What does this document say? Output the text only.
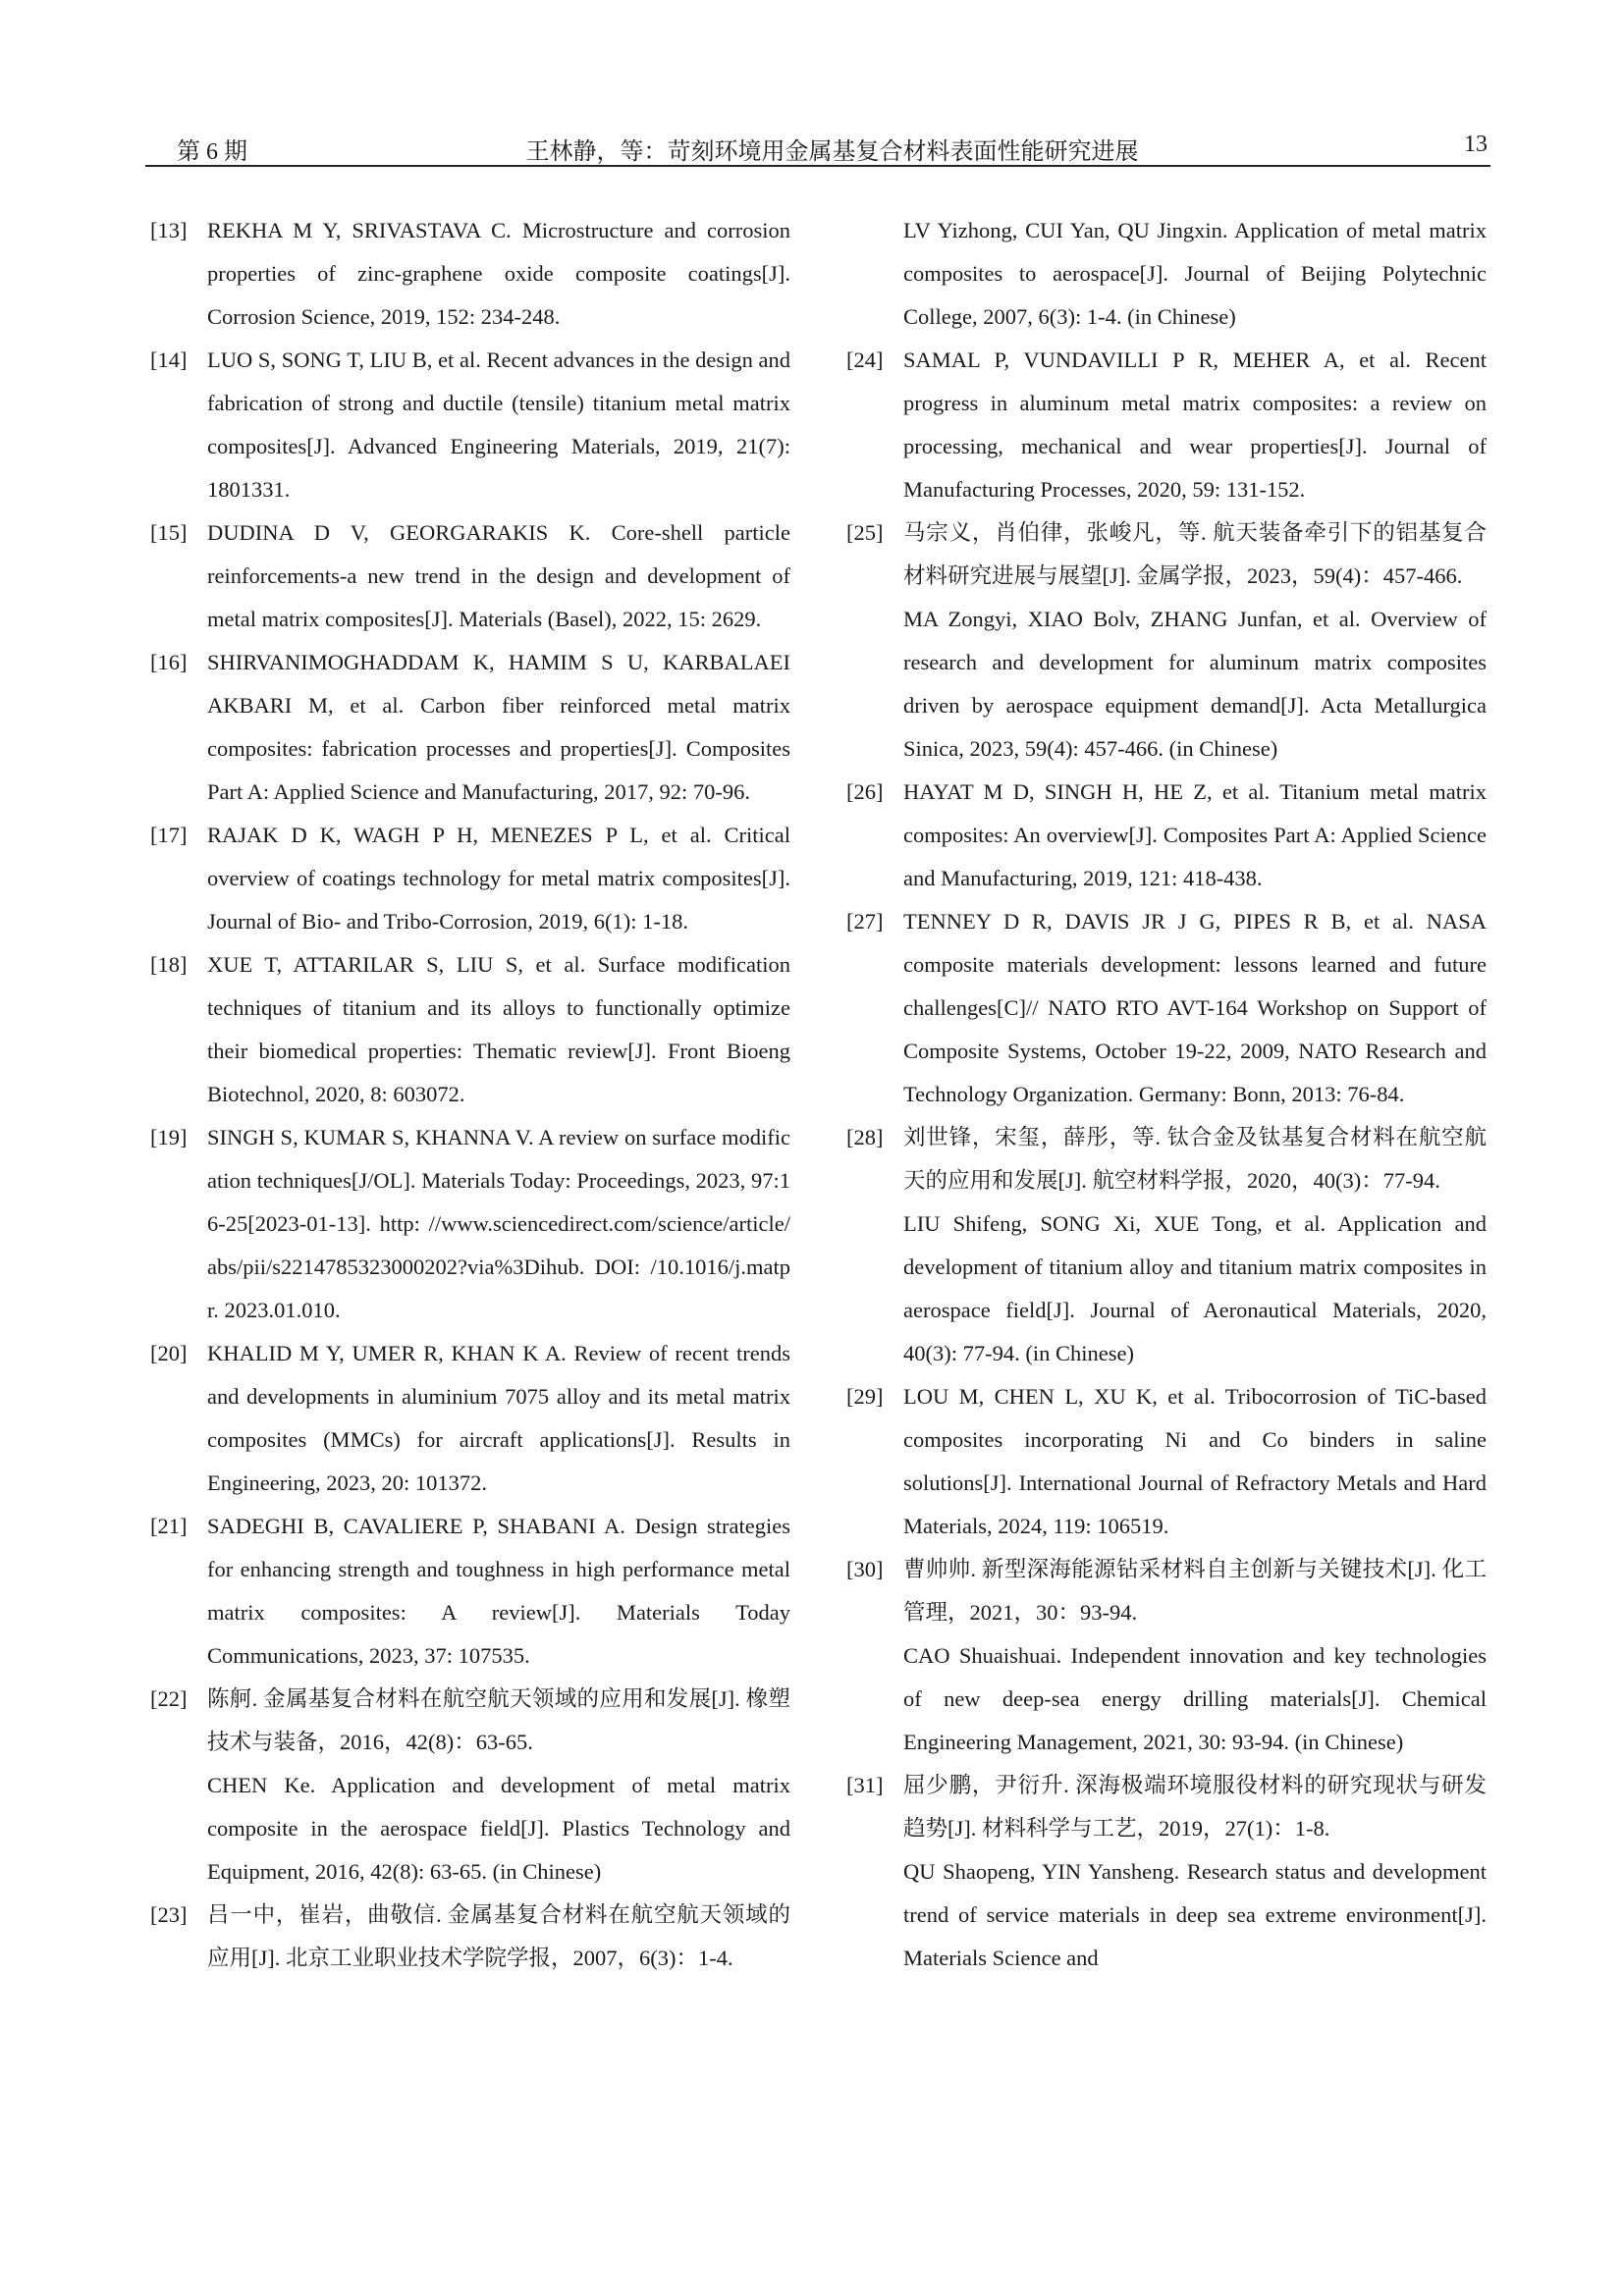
第 6 期	王林静，等：苛刻环境用金属基复合材料表面性能研究进展	13
[13] REKHA M Y, SRIVASTAVA C. Microstructure and corrosion properties of zinc-graphene oxide composite coatings[J]. Corrosion Science, 2019, 152: 234-248.

[14] LUO S, SONG T, LIU B, et al. Recent advances in the design and fabrication of strong and ductile (tensile) titanium metal matrix composites[J]. Advanced Engineering Materials, 2019, 21(7): 1801331.

[15] DUDINA D V, GEORGARAKIS K. Core-shell particle reinforcements-a new trend in the design and development of metal matrix composites[J]. Materials (Basel), 2022, 15: 2629.

[16] SHIRVANIMOGHADDAM K, HAMIM S U, KARBALAEI AKBARI M, et al. Carbon fiber reinforced metal matrix composites: fabrication processes and properties[J]. Composites Part A: Applied Science and Manufacturing, 2017, 92: 70-96.

[17] RAJAK D K, WAGH P H, MENEZES P L, et al. Critical overview of coatings technology for metal matrix composites[J]. Journal of Bio- and Tribo-Corrosion, 2019, 6(1): 1-18.

[18] XUE T, ATTARILAR S, LIU S, et al. Surface modification techniques of titanium and its alloys to functionally optimize their biomedical properties: Thematic review[J]. Front Bioeng Biotechnol, 2020, 8: 603072.

[19] SINGH S, KUMAR S, KHANNA V. A review on surface modification techniques[J/OL]. Materials Today: Proceedings, 2023, 97:16-25[2023-01-13]. http: //www.sciencedirect.com/science/article/abs/pii/s2214785323000202?via%3Dihub. DOI: /10.1016/j.matpr. 2023.01.010.

[20] KHALID M Y, UMER R, KHAN K A. Review of recent trends and developments in aluminium 7075 alloy and its metal matrix composites (MMCs) for aircraft applications[J]. Results in Engineering, 2023, 20: 101372.

[21] SADEGHI B, CAVALIERE P, SHABANI A. Design strategies for enhancing strength and toughness in high performance metal matrix composites: A review[J]. Materials Today Communications, 2023, 37: 107535.

[22] 陈舸. 金属基复合材料在航空航天领域的应用和发展[J]. 橡塑技术与装备，2016，42(8)：63-65.

CHEN Ke. Application and development of metal matrix composite in the aerospace field[J]. Plastics Technology and Equipment, 2016, 42(8): 63-65. (in Chinese)

[23] 吕一中，崔岩，曲敬信. 金属基复合材料在航空航天领域的应用[J]. 北京工业职业技术学院学报，2007，6(3)：1-4.

LV Yizhong, CUI Yan, QU Jingxin. Application of metal matrix composites to aerospace[J]. Journal of Beijing Polytechnic College, 2007, 6(3): 1-4. (in Chinese)

[24] SAMAL P, VUNDAVILLI P R, MEHER A, et al. Recent progress in aluminum metal matrix composites: a review on processing, mechanical and wear properties[J]. Journal of Manufacturing Processes, 2020, 59: 131-152.

[25] 马宗义，肖伯律，张峻凡，等. 航天装备牵引下的铝基复合材料研究进展与展望[J]. 金属学报，2023，59(4)：457-466.

MA Zongyi, XIAO Bolv, ZHANG Junfan, et al. Overview of research and development for aluminum matrix composites driven by aerospace equipment demand[J]. Acta Metallurgica Sinica, 2023, 59(4): 457-466. (in Chinese)

[26] HAYAT M D, SINGH H, HE Z, et al. Titanium metal matrix composites: An overview[J]. Composites Part A: Applied Science and Manufacturing, 2019, 121: 418-438.

[27] TENNEY D R, DAVIS JR J G, PIPES R B, et al. NASA composite materials development: lessons learned and future challenges[C]// NATO RTO AVT-164 Workshop on Support of Composite Systems, October 19-22, 2009, NATO Research and Technology Organization. Germany: Bonn, 2013: 76-84.

[28] 刘世锋，宋玺，薛彤，等. 钛合金及钛基复合材料在航空航天的应用和发展[J]. 航空材料学报，2020，40(3)：77-94.

LIU Shifeng, SONG Xi, XUE Tong, et al. Application and development of titanium alloy and titanium matrix composites in aerospace field[J]. Journal of Aeronautical Materials, 2020, 40(3): 77-94. (in Chinese)

[29] LOU M, CHEN L, XU K, et al. Tribocorrosion of TiC-based composites incorporating Ni and Co binders in saline solutions[J]. International Journal of Refractory Metals and Hard Materials, 2024, 119: 106519.

[30] 曹帅帅. 新型深海能源钻采材料自主创新与关键技术[J]. 化工管理，2021，30：93-94.

CAO Shuaishuai. Independent innovation and key technologies of new deep-sea energy drilling materials[J]. Chemical Engineering Management, 2021, 30: 93-94. (in Chinese)

[31] 屈少鹏，尹衍升. 深海极端环境服役材料的研究现状与研发趋势[J]. 材料科学与工艺，2019，27(1)：1-8.

QU Shaopeng, YIN Yansheng. Research status and development trend of service materials in deep sea extreme environment[J]. Materials Science and
